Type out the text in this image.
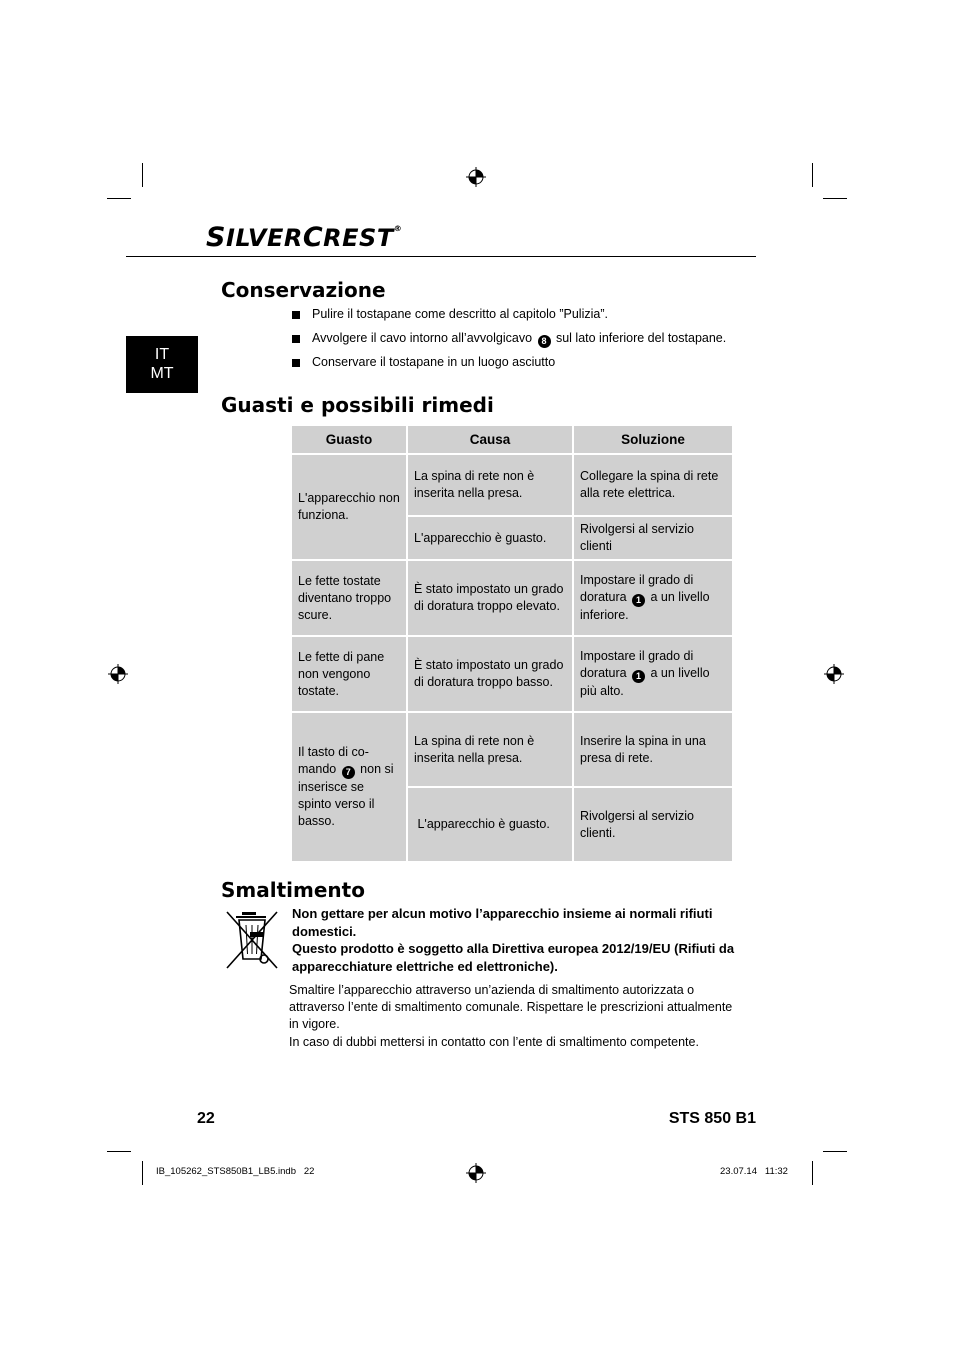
SILVERCREST®
IT
MT
Conservazione
Pulire il tostapane come descritto al capitolo ”Pulizia”.
Avvolgere il cavo intorno all’avvolgicavo 8 sul lato inferiore del tostapane.
Conservare il tostapane in un luogo asciutto
Guasti e possibili rimedi
Guasto	Causa	Soluzione
L'apparecchio non funziona.	La spina di rete non è inserita nella presa.	Collegare la spina di rete alla rete elettrica.
	L'apparecchio è guasto.	Rivolgersi al servizio clienti
Le fette tostate diventano troppo scure.	È stato impostato un grado di doratura troppo elevato.	Impostare il grado di doratura 1 a un livello inferiore.
Le fette di pane non vengono tostate.	È stato impostato un grado di doratura troppo basso.	Impostare il grado di doratura 1 a un livello più alto.
Il tasto di co-mando 7 non si inserisce se spinto verso il basso.	La spina di rete non è inserita nella presa.	Inserire la spina in una presa di rete.
	L'apparecchio è guasto.	Rivolgersi al servizio clienti.
Smaltimento
Non gettare per alcun motivo l’apparecchio insieme ai normali rifiuti domestici.
Questo prodotto è soggetto alla Direttiva europea 2012/19/EU (Rifiuti da apparecchiature elettriche ed elettroniche).
Smaltire l’apparecchio attraverso un’azienda di smaltimento autorizzata o attraverso l’ente di smaltimento comunale. Rispettare le prescrizioni attualmente in vigore.
In caso di dubbi mettersi in contatto con l’ente di smaltimento competente.
22	STS 850 B1
IB_105262_STS850B1_LB5.indb   22	23.07.14   11:32
